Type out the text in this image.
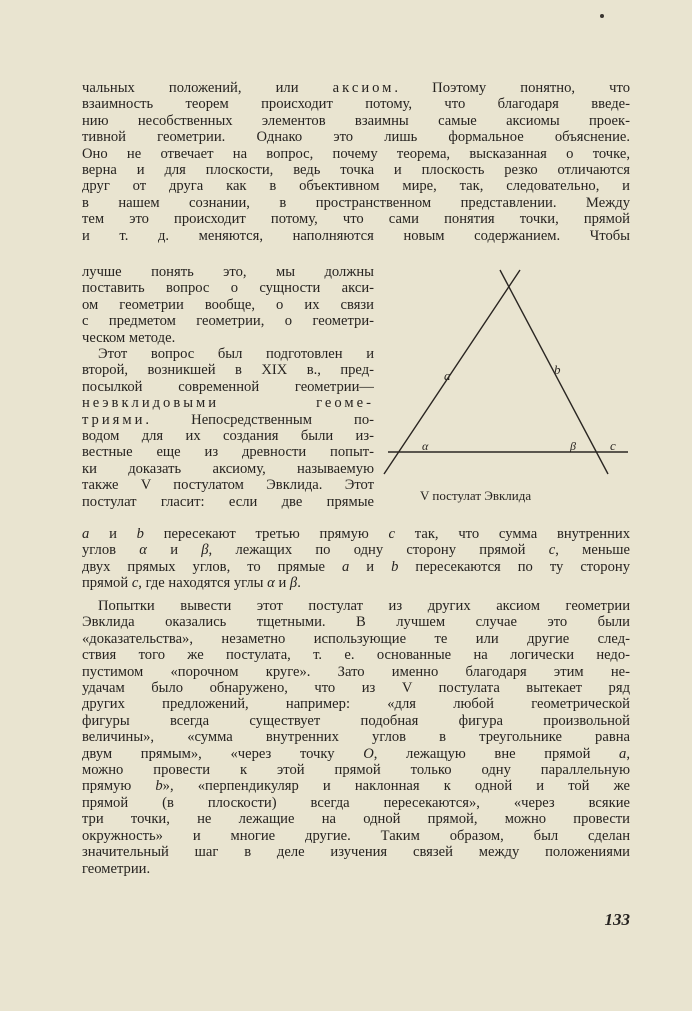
чальных положений, или аксиом. Поэтому понятно, что
взаимность теорем происходит потому, что благодаря введе-
нию несобственных элементов взаимны самые аксиомы проек-
тивной геометрии. Однако это лишь формальное объяснение.
Оно не отвечает на вопрос, почему теорема, высказанная о точке,
верна и для плоскости, ведь точка и плоскость резко отличаются
друг от друга как в объективном мире, так, следовательно, и
в нашем сознании, в пространственном представлении. Между
тем это происходит потому, что сами понятия точки, прямой
и т. д. меняются, наполняются новым содержанием. Чтобы
лучше понять это, мы должны
поставить вопрос о сущности акси-
ом геометрии вообще, о их связи
с предметом геометрии, о геометри-
ческом методе.
Этот вопрос был подготовлен и
второй, возникшей в XIX в., пред-
посылкой современной геометрии—
неэвклидовыми	геоме-
триями. Непосредственным по-
водом для их создания были из-
вестные еще из древности попыт-
ки доказать аксиому, называемую
также V постулатом Эвклида. Этот
постулат гласит: если две прямые
a	b
c
α	β
V постулат Эвклида
a и b пересекают третью прямую c так, что сумма внутренних
углов α и β, лежащих по одну сторону прямой c, меньше
двух прямых углов, то прямые a и b пересекаются по ту сторону
прямой c, где находятся углы α и β.
Попытки вывести этот постулат из других аксиом геометрии
Эвклида оказались тщетными. В лучшем случае это были
«доказательства», незаметно использующие те или другие след-
ствия того же постулата, т. е. основанные на логически недо-
пустимом «порочном круге». Зато именно благодаря этим не-
удачам было обнаружено, что из V постулата вытекает ряд
других предложений, например: «для любой геометрической
фигуры всегда существует подобная фигура произвольной
величины», «сумма внутренних углов в треугольнике равна
двум прямым», «через точку O, лежащую вне прямой a,
можно провести к этой прямой только одну параллельную
прямую b», «перпендикуляр и наклонная к одной и той же
прямой (в плоскости) всегда пересекаются», «через всякие
три точки, не лежащие на одной прямой, можно провести
окружность» и многие другие. Таким образом, был сделан
значительный шаг в деле изучения связей между положениями
геометрии.
133
